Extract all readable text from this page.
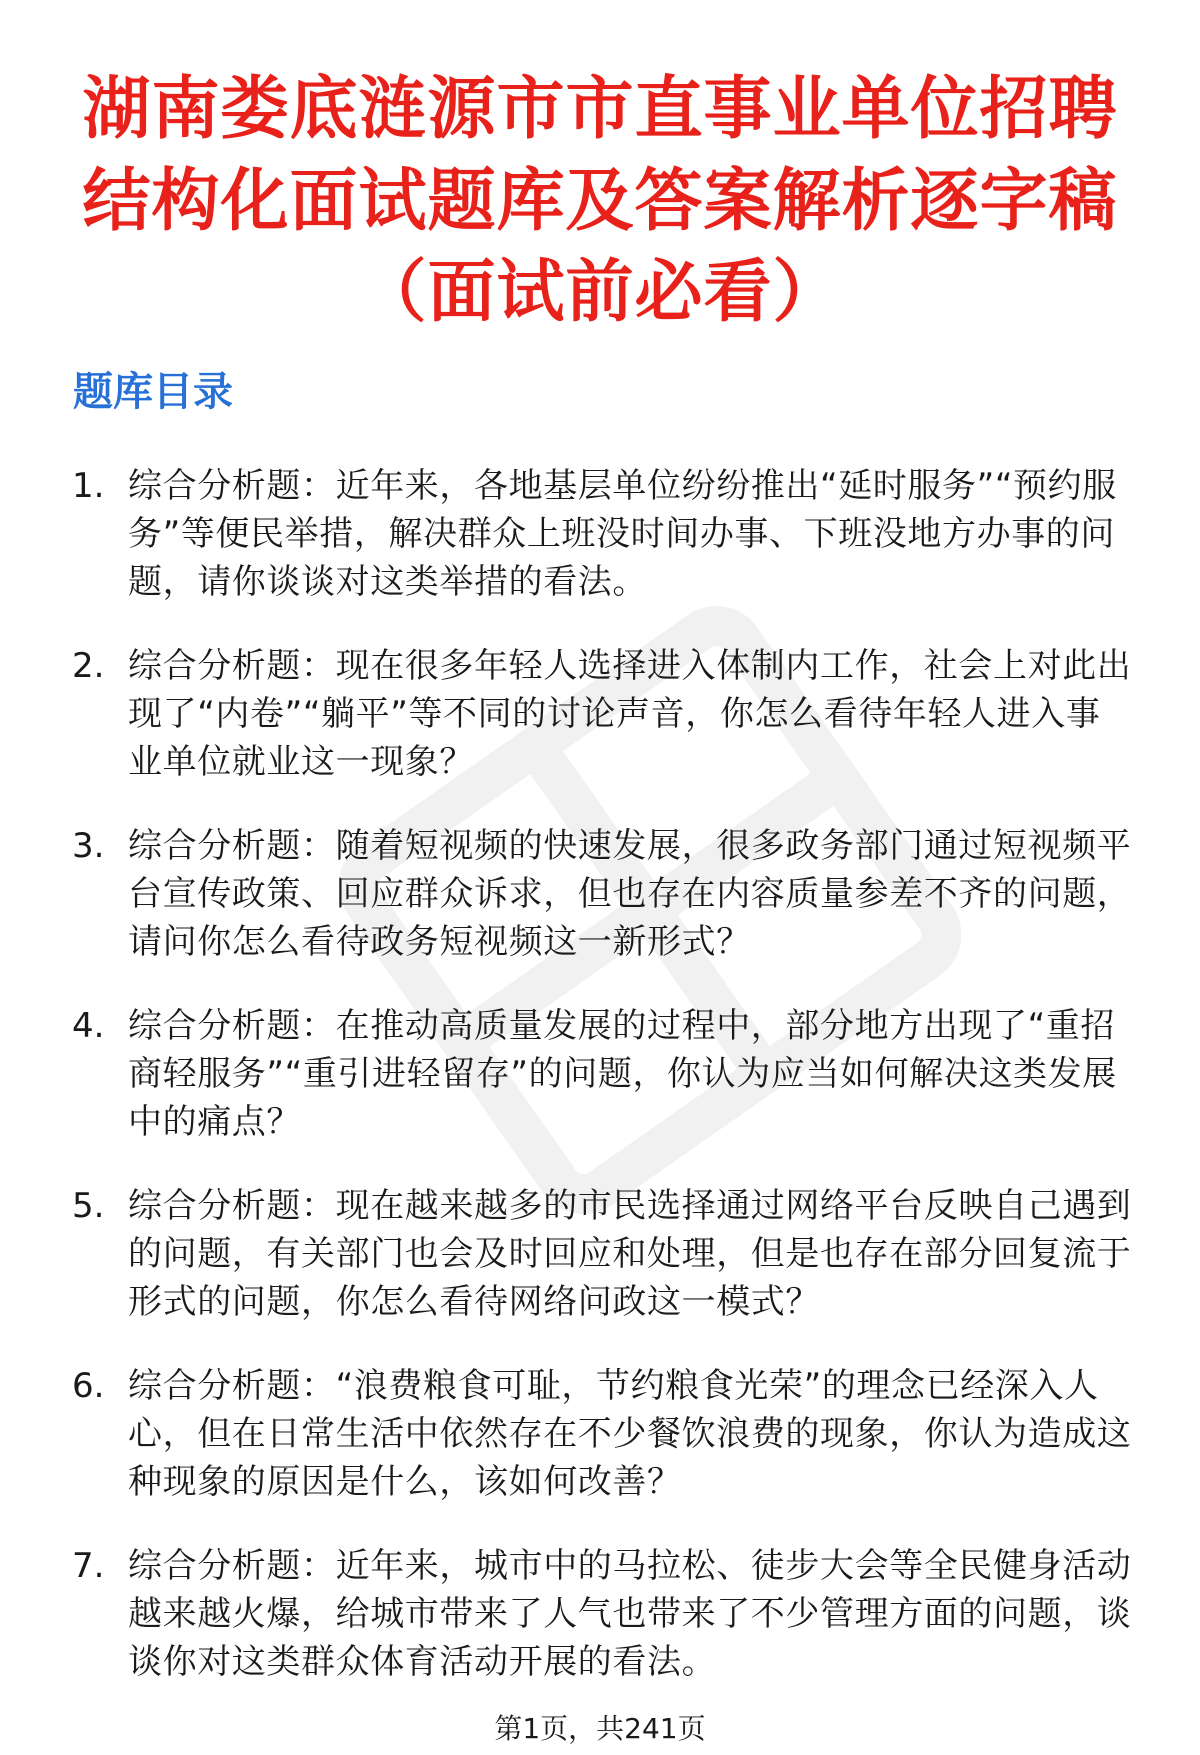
湖南娄底涟源市市直事业单位招聘
结构化面试题库及答案解析逐字稿
（面试前必看）
题库目录
1. 综合分析题：近年来，各地基层单位纷纷推出“延时服务”“预约服务”等便民举措，解决群众上班没时间办事、下班没地方办事的问题，请你谈谈对这类举措的看法。
2. 综合分析题：现在很多年轻人选择进入体制内工作，社会上对此出现了“内卷”“躺平”等不同的讨论声音，你怎么看待年轻人进入事业单位就业这一现象？
3. 综合分析题：随着短视频的快速发展，很多政务部门通过短视频平台宣传政策、回应群众诉求，但也存在内容质量参差不齐的问题，请问你怎么看待政务短视频这一新形式？
4. 综合分析题：在推动高质量发展的过程中，部分地方出现了“重招商轻服务”“重引进轻留存”的问题，你认为应当如何解决这类发展中的痛点？
5. 综合分析题：现在越来越多的市民选择通过网络平台反映自己遇到的问题，有关部门也会及时回应和处理，但是也存在部分回复流于形式的问题，你怎么看待网络问政这一模式？
6. 综合分析题：“浪费粮食可耻，节约粮食光荣”的理念已经深入人心，但在日常生活中依然存在不少餐饮浪费的现象，你认为造成这种现象的原因是什么，该如何改善？
7. 综合分析题：近年来，城市中的马拉松、徒步大会等全民健身活动越来越火爆，给城市带来了人气也带来了不少管理方面的问题，谈谈你对这类群众体育活动开展的看法。
第1页，共241页
